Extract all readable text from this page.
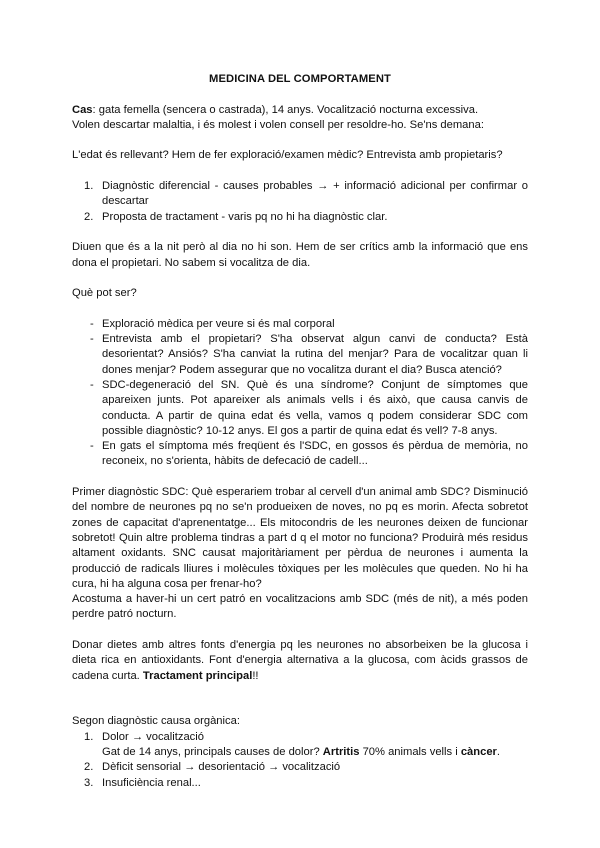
MEDICINA DEL COMPORTAMENT

Cas: gata femella (sencera o castrada), 14 anys. Vocalització nocturna excessiva.

Volen descartar malaltia, i és molest i volen consell per resoldre-ho. Se'ns demana:

L'edat és rellevant? Hem de fer exploració/examen mèdic? Entrevista amb propietaris?

1. Diagnòstic diferencial - causes probables → + informació adicional per confirmar o descartar
2. Proposta de tractament - varis pq no hi ha diagnòstic clar.

Diuen que és a la nit però al dia no hi son. Hem de ser crítics amb la informació que ens dona el propietari. No sabem si vocalitza de dia.

Què pot ser?

- Exploració mèdica per veure si és mal corporal
- Entrevista amb el propietari? S'ha observat algun canvi de conducta? Està desorientat? Ansiós? S'ha canviat la rutina del menjar? Para de vocalitzar quan li dones menjar? Podem assegurar que no vocalitza durant el dia? Busca atenció?
- SDC-degeneració del SN. Què és una síndrome? Conjunt de símptomes que apareixen junts. Pot apareixer als animals vells i és això, que causa canvis de conducta. A partir de quina edat és vella, vamos q podem considerar SDC com possible diagnòstic? 10-12 anys. El gos a partir de quina edat és vell? 7-8 anys.
- En gats el símptoma més freqüent és l'SDC, en gossos és pèrdua de memòria, no reconeix, no s'orienta, hàbits de defecació de cadell...

Primer diagnòstic SDC: Què esperariem trobar al cervell d'un animal amb SDC? Disminució del nombre de neurones pq no se'n produeixen de noves, no pq es morin. Afecta sobretot zones de capacitat d'aprenentatge... Els mitocondris de les neurones deixen de funcionar sobretot! Quin altre problema tindras a part d q el motor no funciona? Produirà més residus altament oxidants. SNC causat majoritàriament per pèrdua de neurones i aumenta la producció de radicals lliures i molècules tòxiques per les molècules que queden. No hi ha cura, hi ha alguna cosa per frenar-ho?

Acostuma a haver-hi un cert patró en vocalitzacions amb SDC (més de nit), a més poden perdre patró nocturn.

Donar dietes amb altres fonts d'energia pq les neurones no absorbeixen be la glucosa i dieta rica en antioxidants. Font d'energia alternativa a la glucosa, com àcids grassos de cadena curta. Tractament principal!!

Segon diagnòstic causa orgànica:

1. Dolor → vocalització
Gat de 14 anys, principals causes de dolor? Artritis 70% animals vells i càncer.
2. Dèficit sensorial → desorientació → vocalització
3. Insuficiència renal...
